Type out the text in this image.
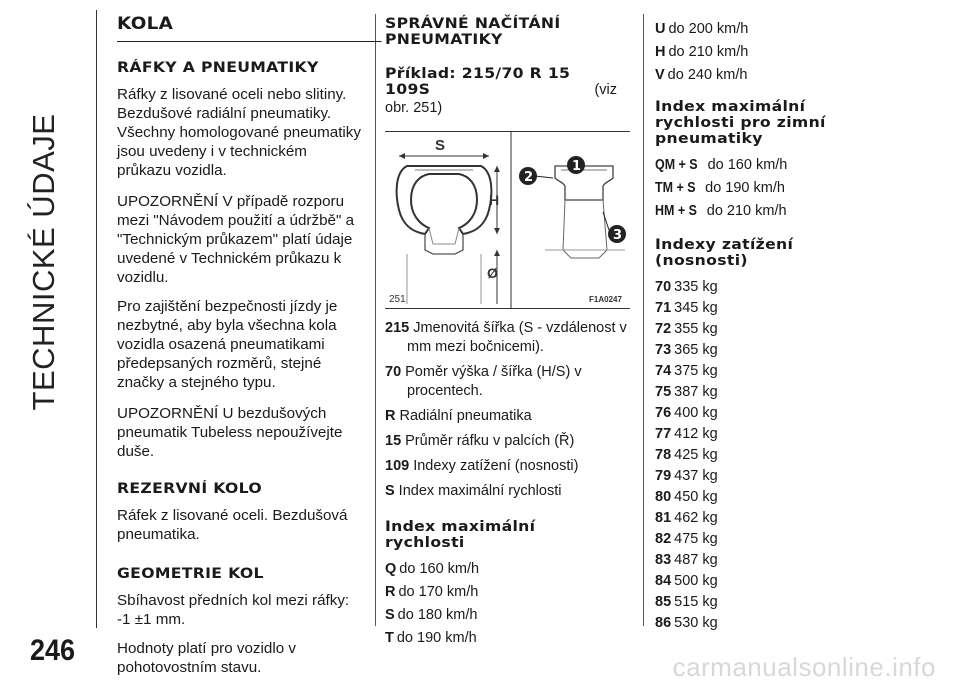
TECHNICKÉ ÚDAJE
KOLA
RÁFKY A PNEUMATIKY

Ráfky z lisované oceli nebo slitiny. Bezdušové radiální pneumatiky. Všechny homologované pneumatiky jsou uvedeny i v technickém průkazu vozidla.

UPOZORNĚNÍ V případě rozporu mezi "Návodem použití a údržbě" a "Technickým průkazem" platí údaje uvedené v Technickém průkazu k vozidlu.

Pro zajištění bezpečnosti jízdy je nezbytné, aby byla všechna kola vozidla osazená pneumatikami předepsaných rozměrů, stejné značky a stejného typu.

UPOZORNĚNÍ U bezdušových pneumatik Tubeless nepoužívejte duše.

REZERVNÍ KOLO

Ráfek z lisované oceli. Bezdušová pneumatika.

GEOMETRIE KOL

Sbíhavost předních kol mezi ráfky: -1 ±1 mm.

Hodnoty platí pro vozidlo v pohotovostním stavu.

SPRÁVNÉ NAČÍTÁNÍ PNEUMATIKY
Příklad: 215/70 R 15 109S	(viz obr. 251)
S
H
Ø
2
1
3
251	F1A0247
215 Jmenovitá šířka (S - vzdálenost v mm mezi bočnicemi).
70 Poměr výška / šířka (H/S) v procentech.
R Radiální pneumatika
15 Průměr ráfku v palcích (Ř)
109 Indexy zatížení (nosnosti)
S Index maximální rychlosti
Index maximální rychlosti
Q do 160 km/h
R do 170 km/h
S do 180 km/h
T do 190 km/h
U do 200 km/h
H do 210 km/h
V do 240 km/h
Index maximální rychlosti pro zimní pneumatiky
QM + S do 160 km/h
TM + S do 190 km/h
HM + S do 210 km/h
Indexy zatížení (nosnosti)
70 335 kg
71 345 kg
72 355 kg
73 365 kg
74 375 kg
75 387 kg
76 400 kg
77 412 kg
78 425 kg
79 437 kg
80 450 kg
81 462 kg
82 475 kg
83 487 kg
84 500 kg
85 515 kg
86 530 kg
246
carmanualsonline.info
